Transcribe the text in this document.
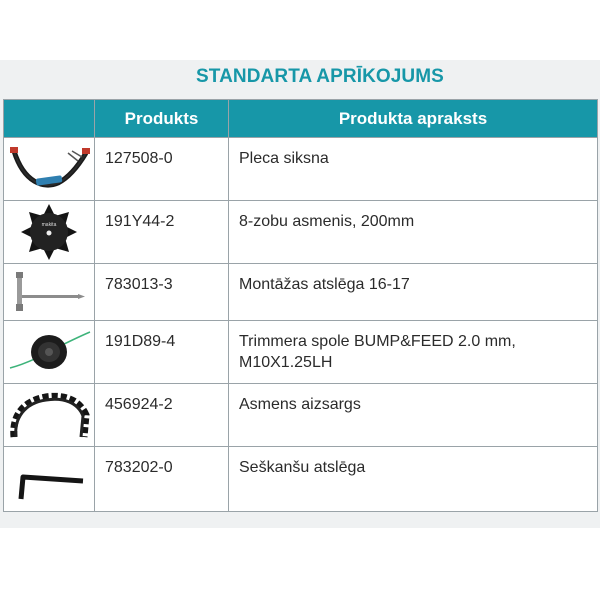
STANDARTA APRĪKOJUMS
	Produkts	Produkta apraksts

	127508-0	Pleca siksna

makita	191Y44-2	8-zobu asmenis, 200mm

	783013-3	Montāžas atslēga 16-17

	191D89-4	Trimmera spole BUMP&FEED 2.0 mm, M10X1.25LH

	456924-2	Asmens aizsargs

	783202-0	Seškanšu atslēga
